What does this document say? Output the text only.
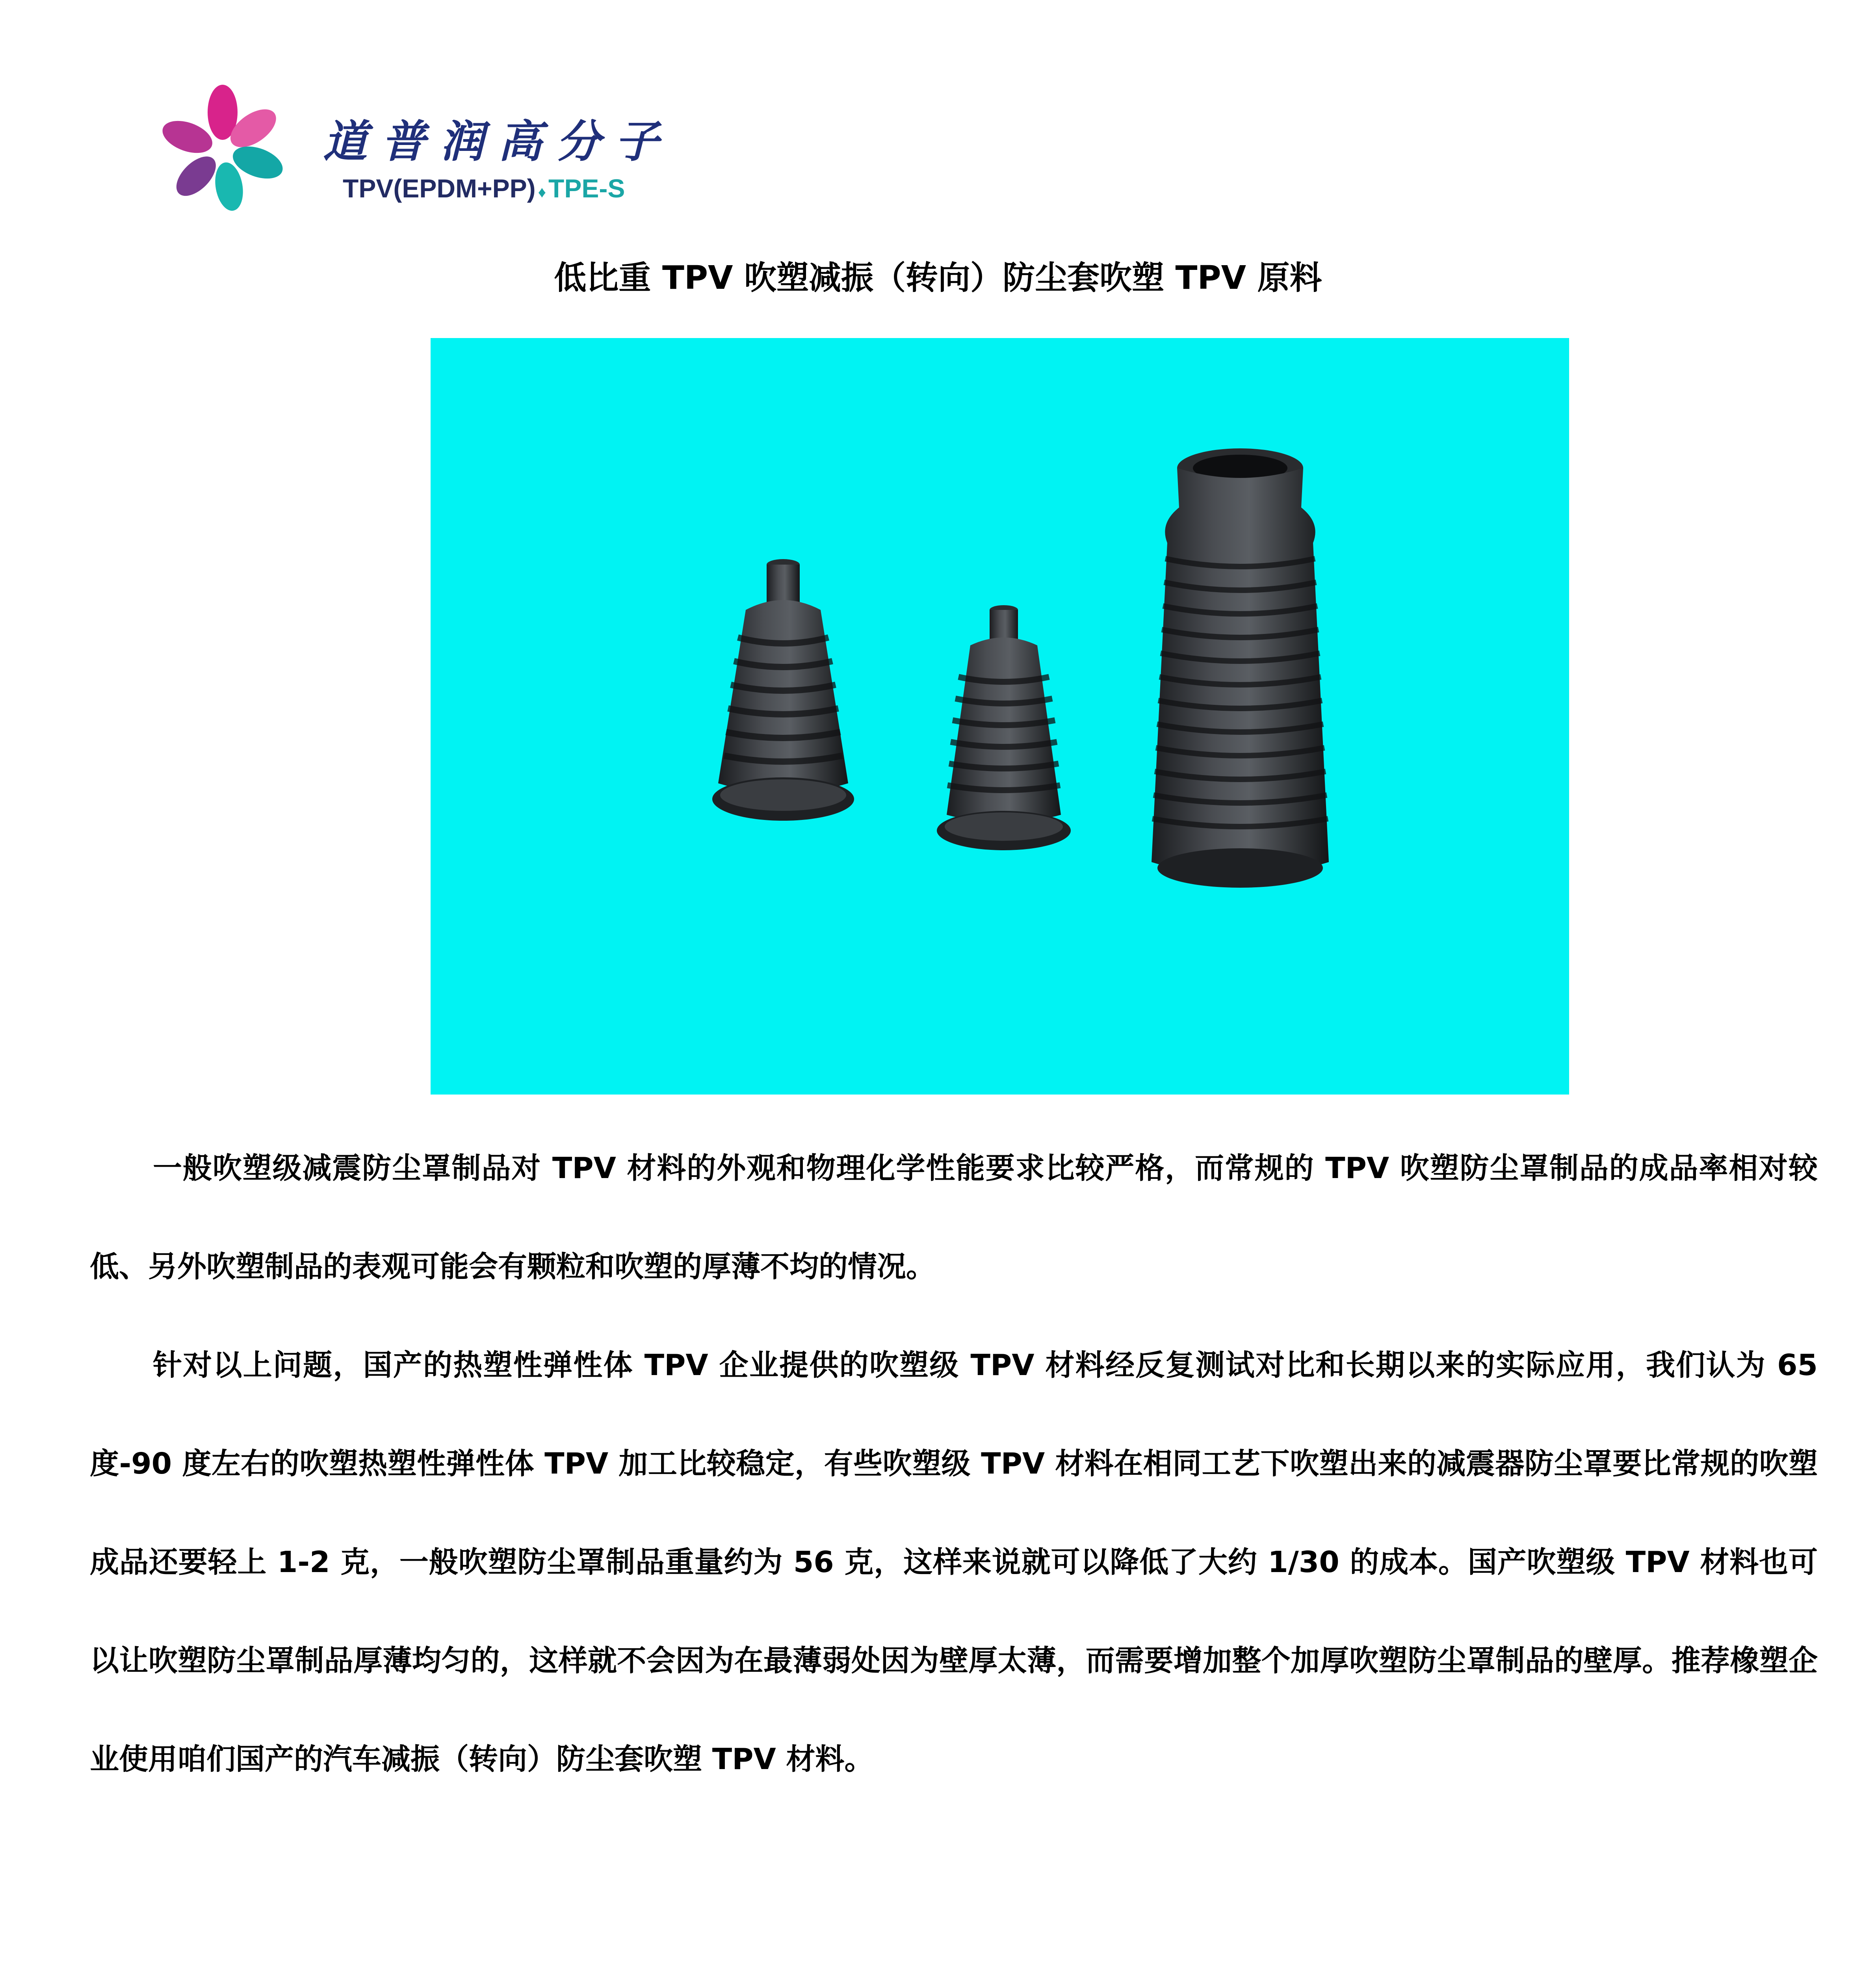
道普润高分子
TPV(EPDM+PP) ♦TPE-S
低比重 TPV 吹塑减振（转向）防尘套吹塑 TPV 原料

一般吹塑级减震防尘罩制品对 TPV 材料的外观和物理化学性能要求比较严格，而常规的 TPV 吹塑防尘罩制品的成品率相对较低、另外吹塑制品的表观可能会有颗粒和吹塑的厚薄不均的情况。

针对以上问题，国产的热塑性弹性体 TPV 企业提供的吹塑级 TPV 材料经反复测试对比和长期以来的实际应用，我们认为 65 度-90 度左右的吹塑热塑性弹性体 TPV 加工比较稳定，有些吹塑级 TPV 材料在相同工艺下吹塑出来的减震器防尘罩要比常规的吹塑成品还要轻上 1-2 克，一般吹塑防尘罩制品重量约为 56 克，这样来说就可以降低了大约 1/30 的成本。国产吹塑级 TPV 材料也可以让吹塑防尘罩制品厚薄均匀的，这样就不会因为在最薄弱处因为壁厚太薄，而需要增加整个加厚吹塑防尘罩制品的壁厚。推荐橡塑企业使用咱们国产的汽车减振（转向）防尘套吹塑 TPV 材料。
